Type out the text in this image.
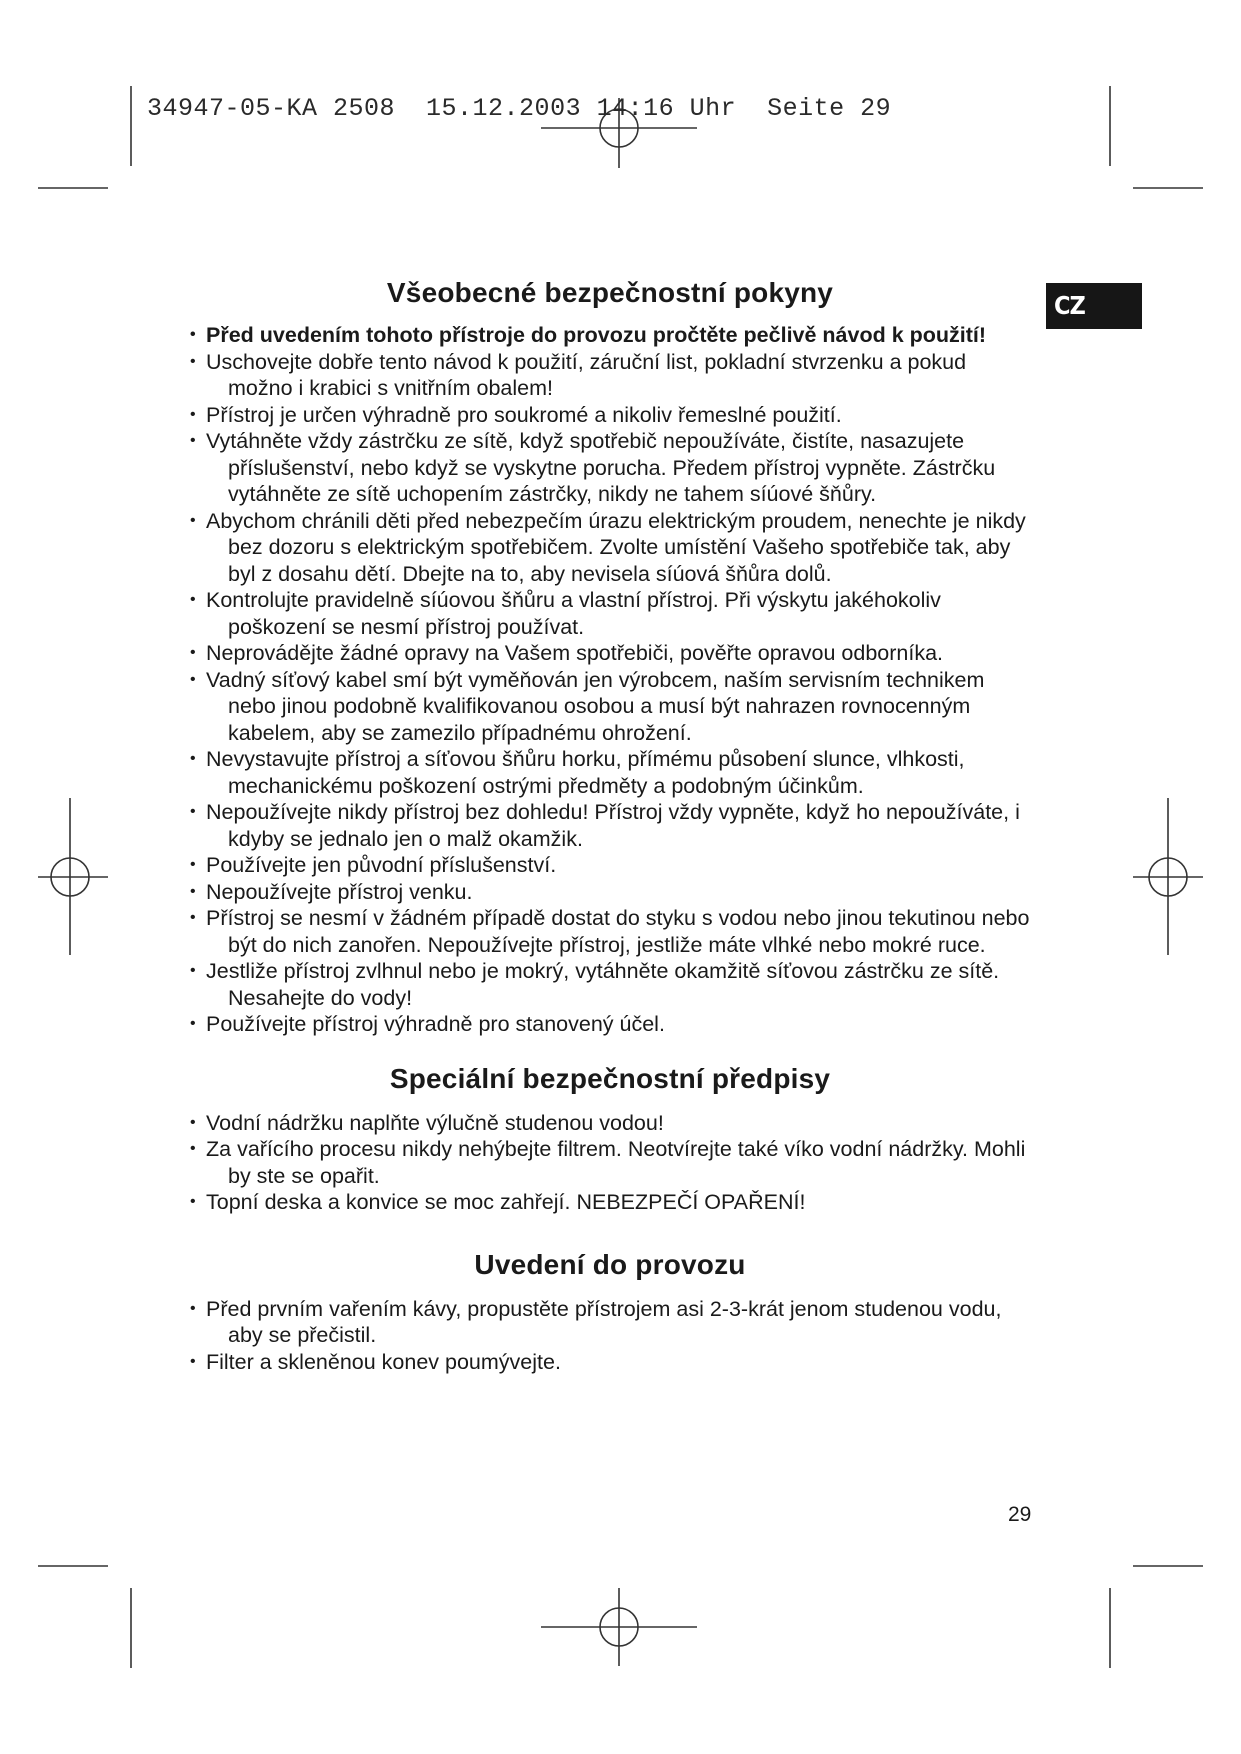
34947-05-KA 2508  15.12.2003 14:16 Uhr  Seite 29
CZ
Všeobecné bezpečnostní pokyny
• Před uvedením tohoto přístroje do provozu pročtěte pečlivě návod k použití!
• Uschovejte dobře tento návod k použití, záruční list, pokladní stvrzenku a pokud možno i krabici s vnitřním obalem!
• Přístroj je určen výhradně pro soukromé a nikoliv řemeslné použití.
• Vytáhněte vždy zástrčku ze sítě, když spotřebič nepoužíváte, čistíte, nasazujete příslušenství, nebo když se vyskytne porucha. Předem přístroj vypněte. Zástrčku vytáhněte ze sítě uchopením zástrčky, nikdy ne tahem síúové šňůry.
• Abychom chránili děti před nebezpečím úrazu elektrickým proudem, nenechte je nikdy bez dozoru s elektrickým spotřebičem. Zvolte umístění Vašeho spotřebiče tak, aby byl z dosahu dětí. Dbejte na to, aby nevisela síúová šňůra dolů.
• Kontrolujte pravidelně síúovou šňůru a vlastní přístroj. Při výskytu jakéhokoliv poškození se nesmí přístroj používat.
• Neprovádějte žádné opravy na Vašem spotřebiči, pověřte opravou odborníka.
• Vadný síťový kabel smí být vyměňován jen výrobcem, naším servisním technikem nebo jinou podobně kvalifikovanou osobou a musí být nahrazen rovnocenným kabelem, aby se zamezilo případnému ohrožení.
• Nevystavujte přístroj a síťovou šňůru horku, přímému působení slunce, vlhkosti, mechanickému poškození ostrými předměty a podobným účinkům.
• Nepoužívejte nikdy přístroj bez dohledu! Přístroj vždy vypněte, když ho nepoužíváte, i kdyby se jednalo jen o malž okamžik.
• Používejte jen původní příslušenství.
• Nepoužívejte přístroj venku.
• Přístroj se nesmí v žádném případě dostat do styku s vodou nebo jinou tekutinou nebo být do nich zanořen. Nepoužívejte přístroj, jestliže máte vlhké nebo mokré ruce.
• Jestliže přístroj zvlhnul nebo je mokrý, vytáhněte okamžitě síťovou zástrčku ze sítě. Nesahejte do vody!
• Používejte přístroj výhradně pro stanovený účel.
Speciální bezpečnostní předpisy
• Vodní nádržku naplňte výlučně studenou vodou!
• Za vařícího procesu nikdy nehýbejte filtrem. Neotvírejte také víko vodní nádržky. Mohli by ste se opařit.
• Topní deska a konvice se moc zahřejí. NEBEZPEČÍ OPAŘENÍ!
Uvedení do provozu
• Před prvním vařením kávy, propustěte přístrojem asi 2-3-krát jenom studenou vodu, aby se přečistil.
• Filter a skleněnou konev poumývejte.
29
